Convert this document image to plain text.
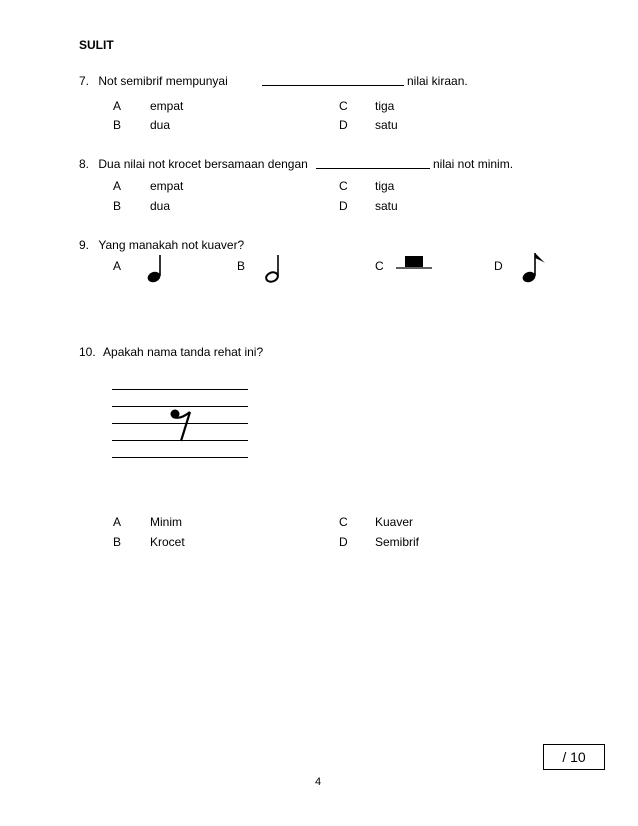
SULIT
7. Not semibrif mempunyai	nilai kiraan.
A empat	C tiga
B dua	D satu
8. Dua nilai not krocet bersamaan dengan	nilai not minim.
A empat	C tiga
B dua	D satu
9. Yang manakah not kuaver?
A	B	C	D
10. Apakah nama tanda rehat ini?
A Minim	C Kuaver
B Krocet	D Semibrif
/ 10
4
